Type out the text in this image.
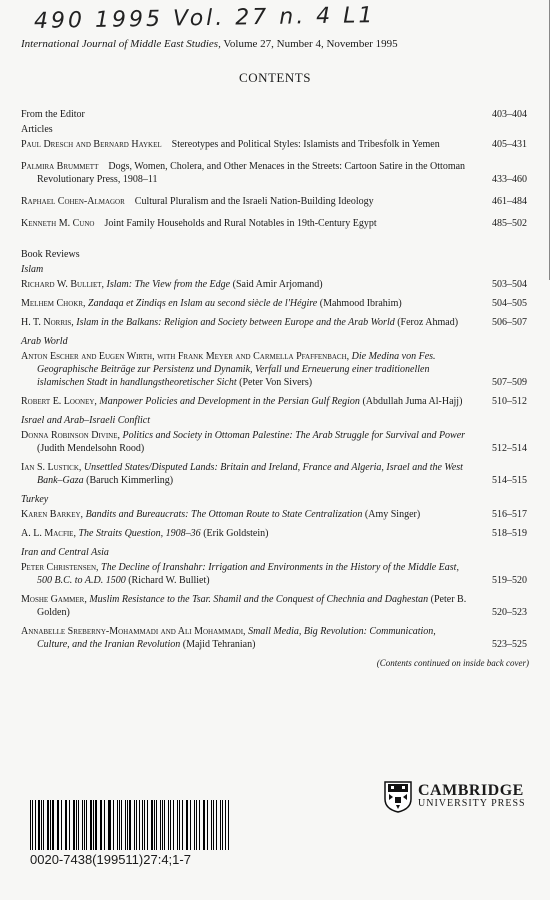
490 1995 Vol. 27 n. 4 L1
International Journal of Middle East Studies, Volume 27, Number 4, November 1995
CONTENTS
From the Editor	403–404
Articles
Paul Dresch and Bernard Haykel  Stereotypes and Political Styles: Islamists and Tribesfolk in Yemen	405–431
Palmira Brummett  Dogs, Women, Cholera, and Other Menaces in the Streets: Cartoon Satire in the Ottoman Revolutionary Press, 1908–11	433–460
Raphael Cohen-Almagor  Cultural Pluralism and the Israeli Nation-Building Ideology	461–484
Kenneth M. Cuno  Joint Family Households and Rural Notables in 19th-Century Egypt	485–502
Book Reviews
Islam
Richard W. Bulliet, Islam: The View from the Edge (Said Amir Arjomand)	503–504
Melhem Chokr, Zandaqa et Zindiqs en Islam au second siècle de l'Hégire (Mahmood Ibrahim)	504–505
H. T. Norris, Islam in the Balkans: Religion and Society between Europe and the Arab World (Feroz Ahmad)	506–507
Arab World
Anton Escher and Eugen Wirth, with Frank Meyer and Carmella Pfaffenbach, Die Medina von Fes. Geographische Beiträge zur Persistenz und Dynamik, Verfall und Erneuerung einer traditionellen islamischen Stadt in handlungstheoretischer Sicht (Peter Von Sivers)	507–509
Robert E. Looney, Manpower Policies and Development in the Persian Gulf Region (Abdullah Juma Al-Hajj)	510–512
Israel and Arab–Israeli Conflict
Donna Robinson Divine, Politics and Society in Ottoman Palestine: The Arab Struggle for Survival and Power (Judith Mendelsohn Rood)	512–514
Ian S. Lustick, Unsettled States/Disputed Lands: Britain and Ireland, France and Algeria, Israel and the West Bank–Gaza (Baruch Kimmerling)	514–515
Turkey
Karen Barkey, Bandits and Bureaucrats: The Ottoman Route to State Centralization (Amy Singer)	516–517
A. L. Macfie, The Straits Question, 1908–36 (Erik Goldstein)	518–519
Iran and Central Asia
Peter Christensen, The Decline of Iranshahr: Irrigation and Environments in the History of the Middle East, 500 B.C. to A.D. 1500 (Richard W. Bulliet)	519–520
Moshe Gammer, Muslim Resistance to the Tsar. Shamil and the Conquest of Chechnia and Daghestan (Peter B. Golden)	520–523
Annabelle Sreberny-Mohammadi and Ali Mohammadi, Small Media, Big Revolution: Communication, Culture, and the Iranian Revolution (Majid Tehranian)	523–525
(Contents continued on inside back cover)
0020-7438(199511)27:4;1-7
CAMBRIDGE
UNIVERSITY PRESS
